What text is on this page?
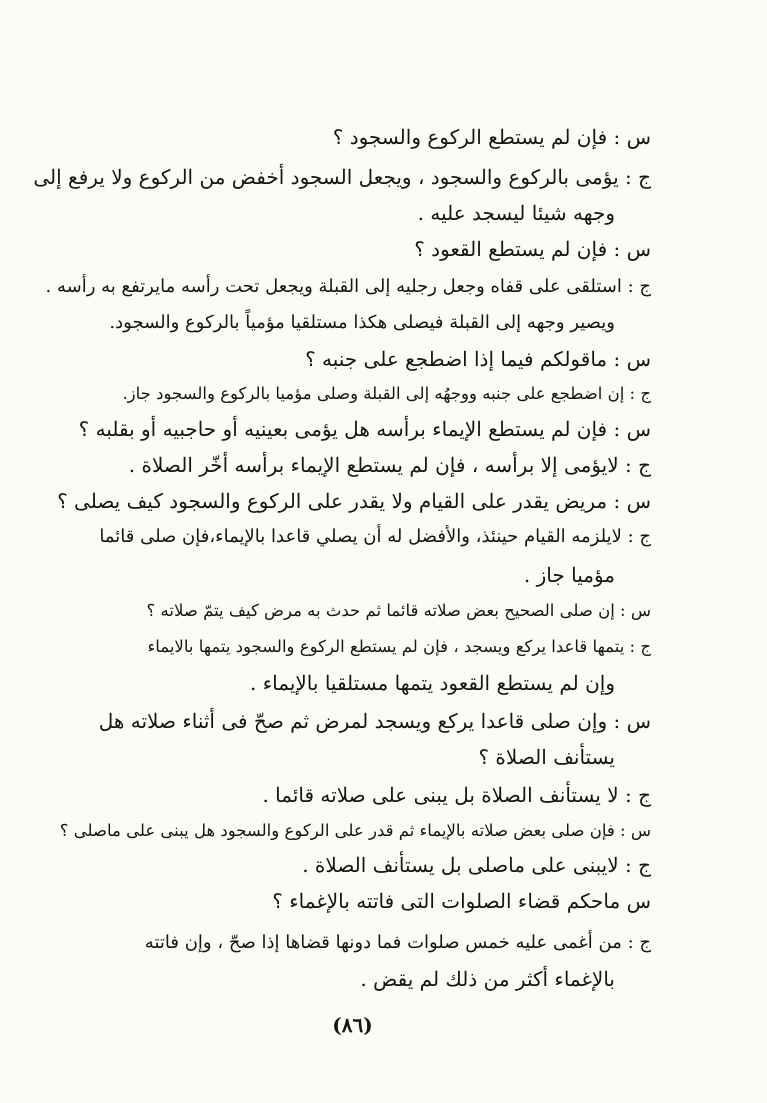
س : فإن لم يستطع الركوع والسجود ؟
ج : يؤمى بالركوع والسجود ، ويجعل السجود أخفض من الركوع ولا يرفع إلى
وجهه شيئا ليسجد عليه .
س : فإن لم يستطع القعود ؟
ج : استلقى على قفاه وجعل رجليه إلى القبلة ويجعل تحت رأسه مايرتفع به رأسه .
ويصير وجهه إلى القبلة فيصلى هكذا مستلقيا مؤمياً بالركوع والسجود.
س : ماقولكم فيما إذا اضطجع على جنبه ؟
ج : إن اضطجع على جنبه ووجهُه إلى القبلة وصلى مؤميا بالركوع والسجود جاز.
س : فإن لم يستطع الإيماء برأسه هل يؤمى بعينيه أو حاجبيه أو بقلبه ؟
ج : لايؤمى إلا برأسه ، فإن لم يستطع الإيماء برأسه أخّر الصلاة .
س : مريض يقدر على القيام ولا يقدر على الركوع والسجود كيف يصلى ؟
ج : لايلزمه القيام حينئذ، والأفضل له أن يصلي قاعدا بالإيماء،فإن صلى قائما
مؤميا جاز .
س : إن صلى الصحيح بعض صلاته قائما ثم حدث به مرض كيف يتمّ صلاته ؟
ج : يتمها قاعدا يركع ويسجد ، فإن لم يستطع الركوع والسجود يتمها بالايماء
وإن لم يستطع القعود يتمها مستلقيا بالإيماء .
س : وإن صلى قاعدا يركع ويسجد لمرض ثم صحّ فى أثناء صلاته هل
يستأنف الصلاة ؟
ج : لا يستأنف الصلاة بل يبنى على صلاته قائما .
س : فإن صلى بعض صلاته بالإيماء ثم قدر على الركوع والسجود هل يبنى على ماصلى ؟
ج : لايبنى على ماصلى بل يستأنف الصلاة .
س ماحكم قضاء الصلوات التى فاتته بالإغماء ؟
ج : من أغمى عليه خمس صلوات فما دونها قضاها إذا صحّ ، وإن فاتته
بالإغماء أكثر من ذلك لم يقض .
(٨٦)
